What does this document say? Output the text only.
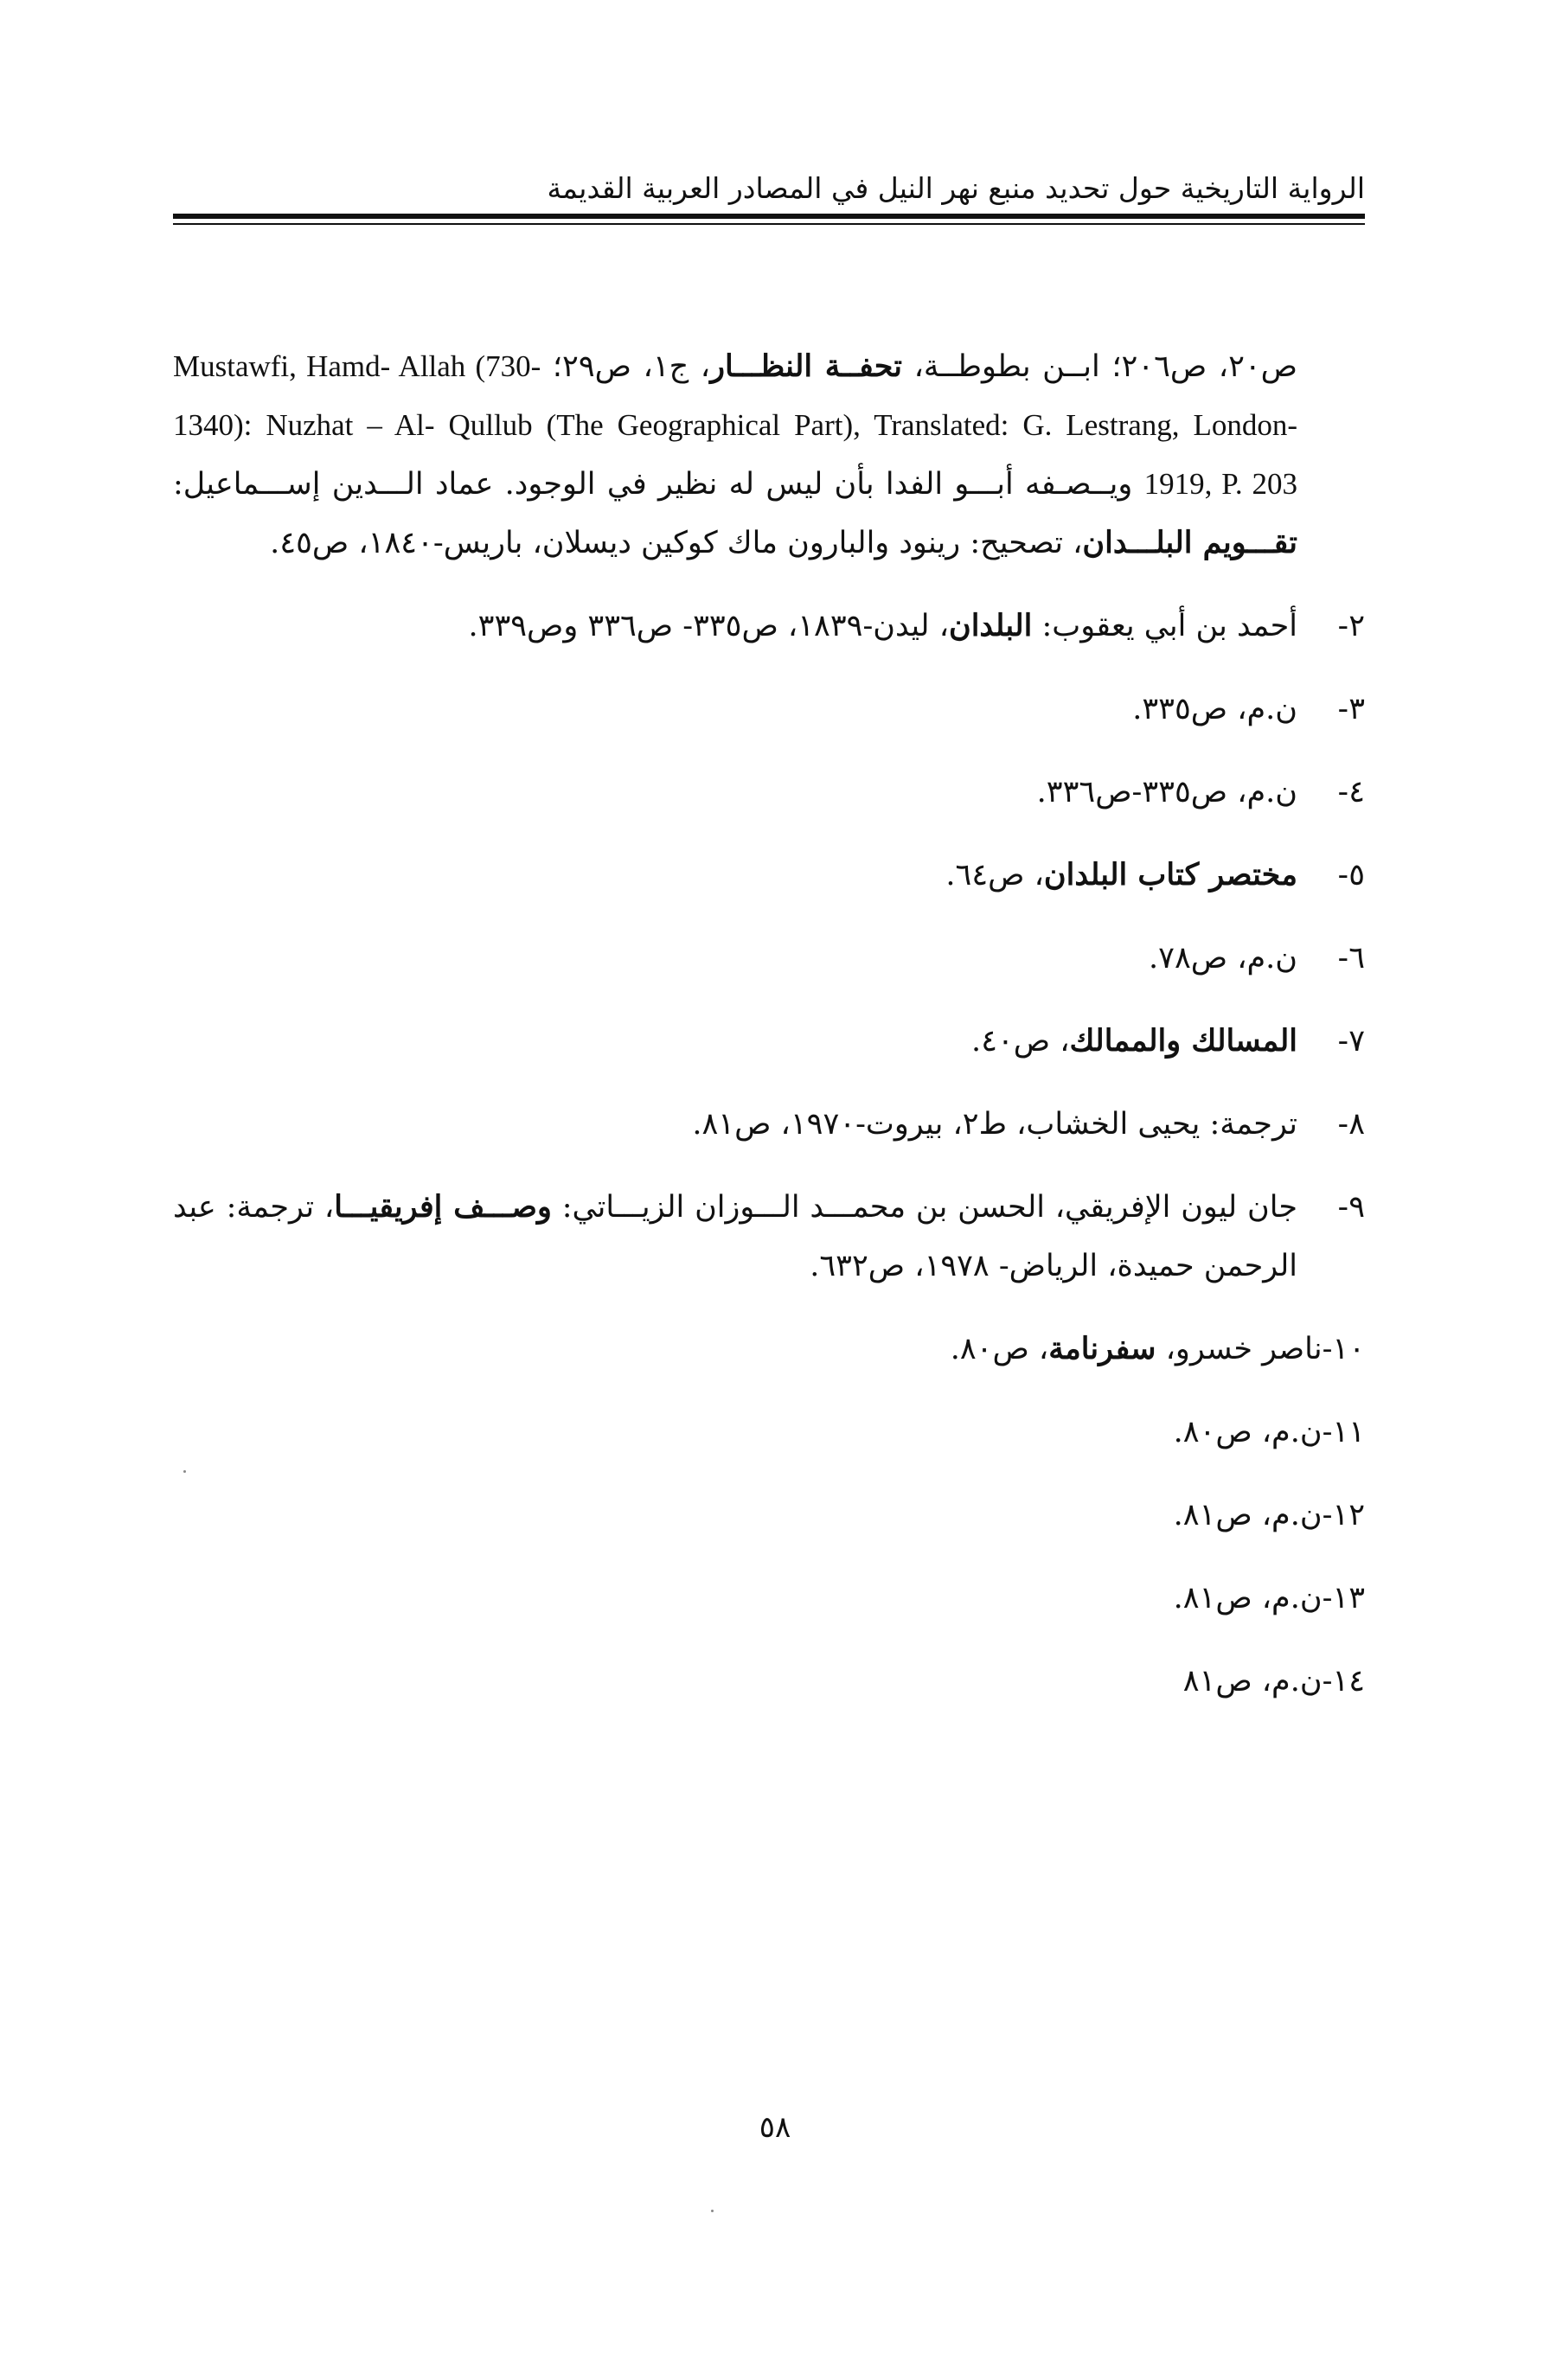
الرواية التاريخية حول تحديد منبع نهر النيل في المصادر العربية القديمة

ص٢٠، ص٢٠٦؛ ابــن بطوطــة، تحفــة النظـــار، ج١، ص٢٩؛ Mustawfi, Hamd- Allah (730- 1340): Nuzhat – Al- Qullub (The Geographical Part), Translated: G. Lestrang, London- 1919, P. 203 ويــصـفه أبـــو الفدا بأن ليس له نظير في الوجود. عماد الـــدين إســـماعيل: تقـــويم البلـــدان، تصحيح: رينود والبارون ماك كوكين ديسلان، باريس-١٨٤٠، ص٤٥.

٢-
أحمد بن أبي يعقوب: البلدان، ليدن-١٨٣٩، ص٣٣٥- ص٣٣٦ وص٣٣٩.
٣-
ن.م، ص٣٣٥.
٤-
ن.م، ص٣٣٥-ص٣٣٦.
٥-
مختصر كتاب البلدان، ص٦٤.
٦-
ن.م، ص٧٨.
٧-
المسالك والممالك، ص٤٠.
٨-
ترجمة: يحيى الخشاب، ط٢، بيروت-١٩٧٠، ص٨١.
٩-
جان ليون الإفريقي، الحسن بن محمـــد الـــوزان الزيـــاتي: وصـــف إفريقيـــا، ترجمة: عبد الرحمن حميدة، الرياض- ١٩٧٨، ص٦٣٢.
١٠-ناصر خسرو، سفرنامة، ص٨٠.
١١-ن.م، ص٨٠.
١٢-ن.م، ص٨١.
١٣-ن.م، ص٨١.
١٤-ن.م، ص٨١
٥٨
